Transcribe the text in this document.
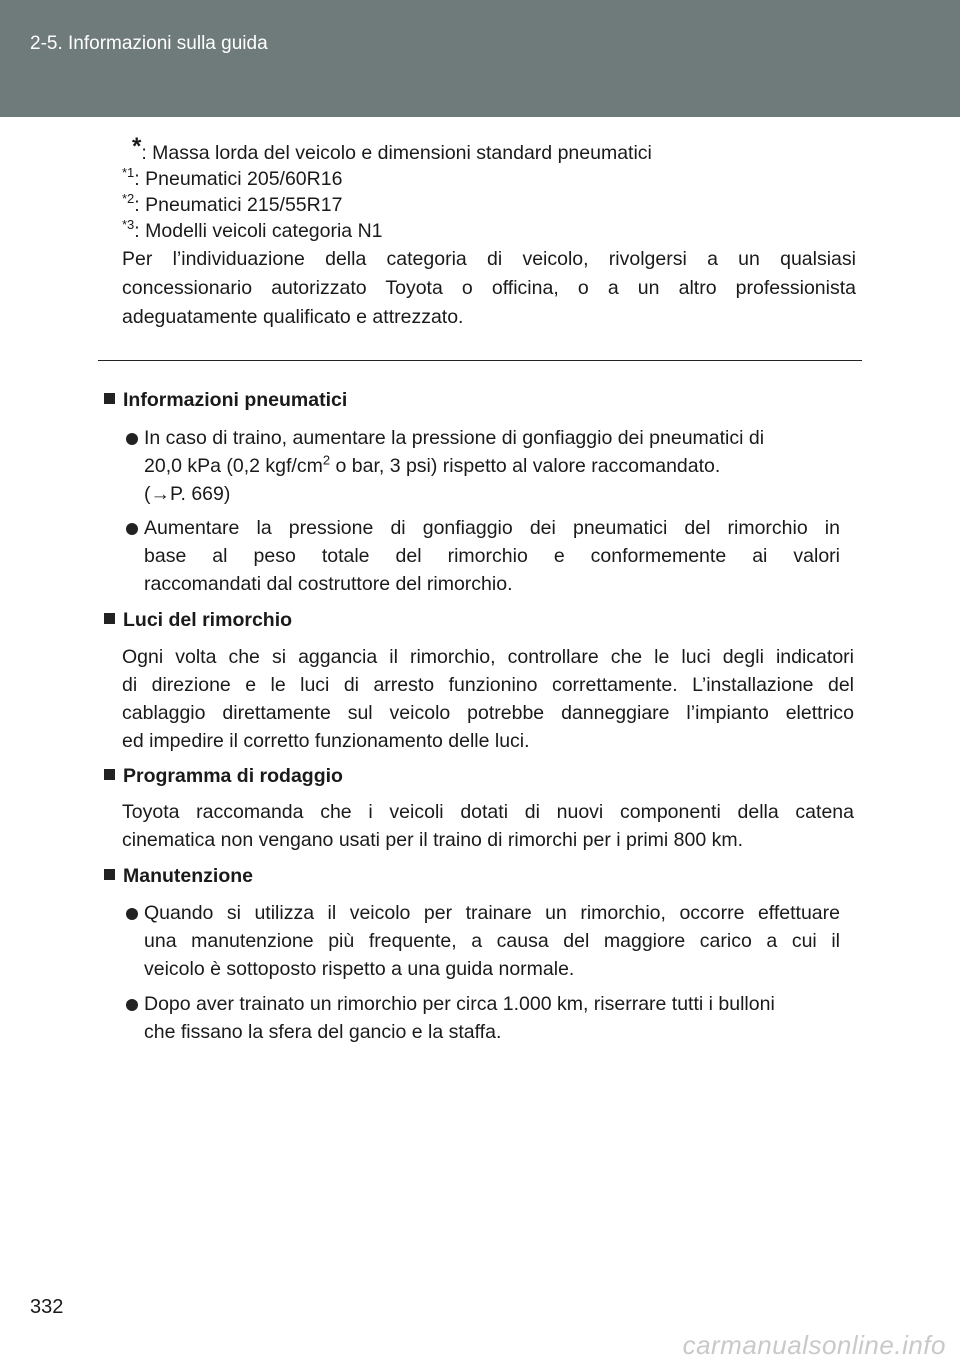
2-5. Informazioni sulla guida
*: Massa lorda del veicolo e dimensioni standard pneumatici
$^{*1}$: Pneumatici 205/60R16
$^{*2}$: Pneumatici 215/55R17
$^{*3}$: Modelli veicoli categoria N1
Per l’individuazione della categoria di veicolo, rivolgersi a un qualsiasi
concessionario autorizzato Toyota o officina, o a un altro professionista
adeguatamente qualificato e attrezzato.
Informazioni pneumatici
In caso di traino, aumentare la pressione di gonfiaggio dei pneumatici di
20,0 kPa (0,2 kgf/$cm^2$ o bar, 3 psi) rispetto al valore raccomandato.
(→P. 669)
Aumentare la pressione di gonfiaggio dei pneumatici del rimorchio in
base al peso totale del rimorchio e conformemente ai valori
raccomandati dal costruttore del rimorchio.
Luci del rimorchio
Ogni volta che si aggancia il rimorchio, controllare che le luci degli indicatori
di direzione e le luci di arresto funzionino correttamente. L’installazione del
cablaggio direttamente sul veicolo potrebbe danneggiare l’impianto elettrico
ed impedire il corretto funzionamento delle luci.
Programma di rodaggio
Toyota raccomanda che i veicoli dotati di nuovi componenti della catena
cinematica non vengano usati per il traino di rimorchi per i primi 800 km.
Manutenzione
Quando si utilizza il veicolo per trainare un rimorchio, occorre effettuare
una manutenzione più frequente, a causa del maggiore carico a cui il
veicolo è sottoposto rispetto a una guida normale.
Dopo aver trainato un rimorchio per circa 1.000 km, riserrare tutti i bulloni
che fissano la sfera del gancio e la staffa.
332
carmanualsonline.info
